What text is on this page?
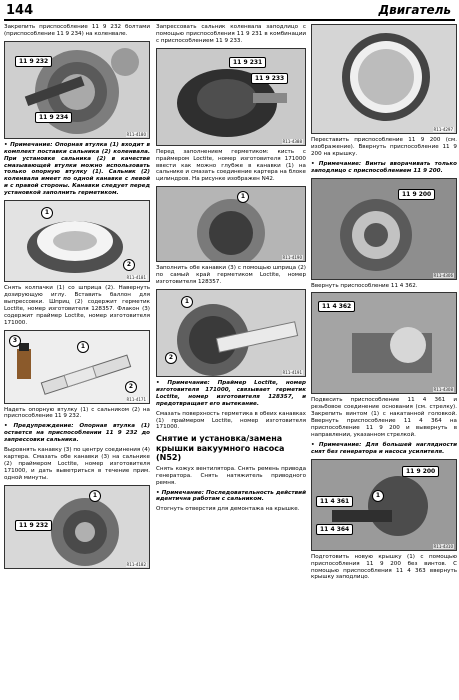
144	Двигатель

Закрепить приспособление 11 9 232 болтами (приспособление 11 9 234) на коленвале.

11 9 232
11 9 234
R11-4180

• Примечание: Опорная втулка (1) входит в комплект поставки сальника (2) коленвала. При установке сальника (2) в качестве смазывающей втулки можно использовать только опорную втулку (1). Сальник (2) коленвала имеет по одной канавке с левой и с правой стороны. Канавки следует перед установкой заполнить герметиком.

1
2
R11-4181

Снять колпачки (1) со шприца (2). Навернуть дозирующую иглу. Вставить баллон для выпрессовки. Шприц (2) содержит герметик Loctite, номер изготовителя 128357. Флакон (3) содержит праймер Loctite, номер изготовителя 171000.

3
1
2
R11-4171

Надеть опорную втулку (1) с сальником (2) на приспособление 11 9 232.

• Предупреждение: Опорная втулка (1) остается на приспособлении 11 9 232 до запрессовки сальника.

Выровнять канавку (3) по центру соединения (4) картера. Смазать обе канавки (3) на сальнике (2) праймером Loctite, номер изготовителя 171000, и дать выветриться в течение прим. одной минуты.

1
11 9 232
R11-4182

Запрессовать сальник коленвала заподлицо с помощью приспособления 11 9 231 в комбинации с приспособлением 11 9 233.

11 9 231
11 9 233
R11-4388

Перед заполнением герметиком: кисть с праймером Loctite, номер изготовителя 171000 ввести как можно глубже в канавки (1) на сальнике и смазать соединение картера на блоке цилиндров. На рисунке изображен N42.

1
R11-4190

Заполнить обе канавки (3) с помощью шприца (2) по самый край герметиком Loctite, номер изготовителя 128357.

1
2
R11-4191

• Примечание: Праймер Loctite, номер изготовителя 171000, связывает герметик Loctite, номер изготовителя 128357, и предотвращает его вытекание.

Смазать поверхность герметика в обеих канавках (1) праймером Loctite, номер изготовителя 171000.

Снятие и установка/замена
крышки вакуумного насоса
(N52)

Снять кожух вентилятора. Снять ремень привода генератора. Снять натяжитель приводного ремня.

• Примечание: Последовательность действий идентична работам с сальником.

Отогнуть отверстия для демонтажа на крышке.

R11-4297

Переставить приспособление 11 9 200 (см. изображение). Ввернуть приспособление 11 9 200 на крышку.

• Примечание: Винты вворачивать только заподлицо с приспособлением 11 9 200.

11 9 200
R11-4306

Ввернуть приспособление 11 4 362.

11 4 362
R11-4308

Подвесить приспособление 11 4 361 и резьбовое соединение основания (см. стрелку). Закрепить винтом (1) с накатанной головкой. Ввернуть приспособление 11 4 364 на приспособление 11 9 200 и вывернуть в направлении, указанном стрелкой.

• Примечание: Для большей наглядности снят без генератора и насоса усилителя.

11 9 200
11 4 361
11 4 364
1
R11-4310

Подготовить новую крышку (1) с помощью приспособления 11 9 200 без винтов. С помощью приспособления 11 4 363 ввернуть крышку заподлицо.
